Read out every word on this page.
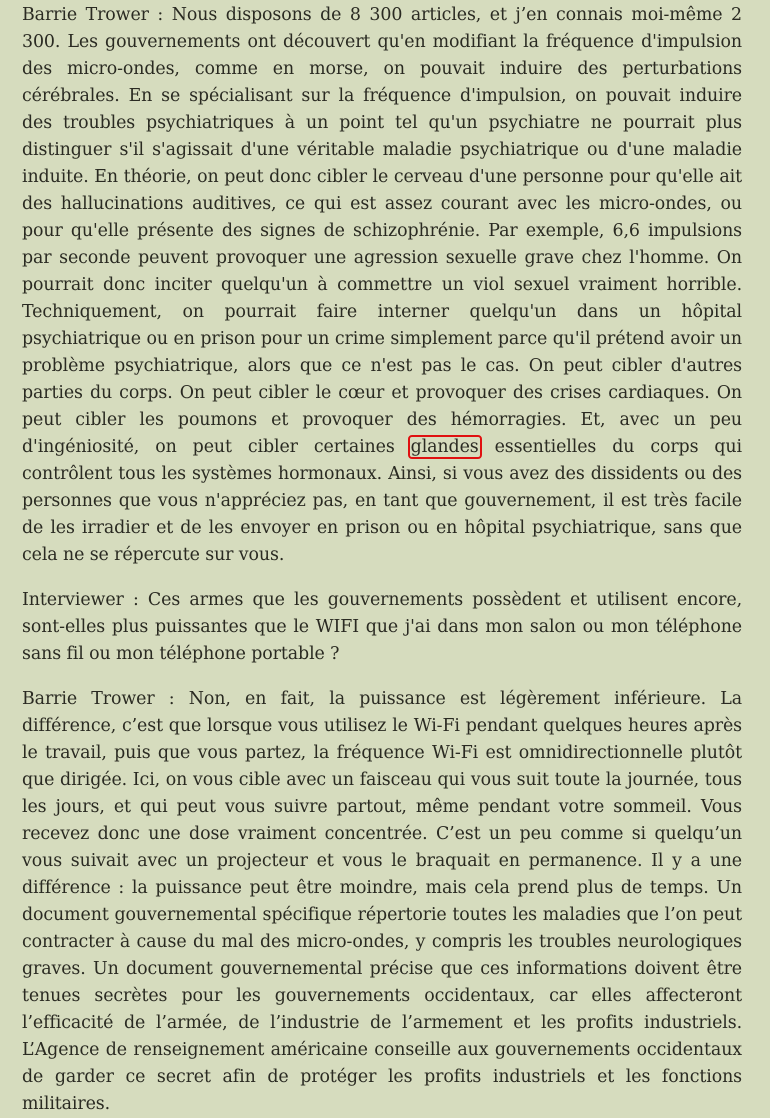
Barrie Trower : Nous disposons de 8 300 articles, et j’en connais moi-même 2 300. Les gouvernements ont découvert qu'en modifiant la fréquence d'impulsion des micro-ondes, comme en morse, on pouvait induire des perturbations cérébrales. En se spécialisant sur la fréquence d'impulsion, on pouvait induire des troubles psychiatriques à un point tel qu'un psychiatre ne pourrait plus distinguer s'il s'agissait d'une véritable maladie psychiatrique ou d'une maladie induite. En théorie, on peut donc cibler le cerveau d'une personne pour qu'elle ait des hallucinations auditives, ce qui est assez courant avec les micro-ondes, ou pour qu'elle présente des signes de schizophrénie. Par exemple, 6,6 impulsions par seconde peuvent provoquer une agression sexuelle grave chez l'homme. On pourrait donc inciter quelqu'un à commettre un viol sexuel vraiment horrible. Techniquement, on pourrait faire interner quelqu'un dans un hôpital psychiatrique ou en prison pour un crime simplement parce qu'il prétend avoir un problème psychiatrique, alors que ce n'est pas le cas. On peut cibler d'autres parties du corps. On peut cibler le cœur et provoquer des crises cardiaques. On peut cibler les poumons et provoquer des hémorragies. Et, avec un peu d'ingéniosité, on peut cibler certaines glandes essentielles du corps qui contrôlent tous les systèmes hormonaux. Ainsi, si vous avez des dissidents ou des personnes que vous n'appréciez pas, en tant que gouvernement, il est très facile de les irradier et de les envoyer en prison ou en hôpital psychiatrique, sans que cela ne se répercute sur vous.

Interviewer : Ces armes que les gouvernements possèdent et utilisent encore, sont-elles plus puissantes que le WIFI que j'ai dans mon salon ou mon téléphone sans fil ou mon téléphone portable ?

Barrie Trower : Non, en fait, la puissance est légèrement inférieure. La différence, c’est que lorsque vous utilisez le Wi-Fi pendant quelques heures après le travail, puis que vous partez, la fréquence Wi-Fi est omnidirectionnelle plutôt que dirigée. Ici, on vous cible avec un faisceau qui vous suit toute la journée, tous les jours, et qui peut vous suivre partout, même pendant votre sommeil. Vous recevez donc une dose vraiment concentrée. C’est un peu comme si quelqu’un vous suivait avec un projecteur et vous le braquait en permanence. Il y a une différence : la puissance peut être moindre, mais cela prend plus de temps. Un document gouvernemental spécifique répertorie toutes les maladies que l’on peut contracter à cause du mal des micro-ondes, y compris les troubles neurologiques graves. Un document gouvernemental précise que ces informations doivent être tenues secrètes pour les gouvernements occidentaux, car elles affecteront l’efficacité de l’armée, de l’industrie de l’armement et les profits industriels. L’Agence de renseignement américaine conseille aux gouvernements occidentaux de garder ce secret afin de protéger les profits industriels et les fonctions militaires.
